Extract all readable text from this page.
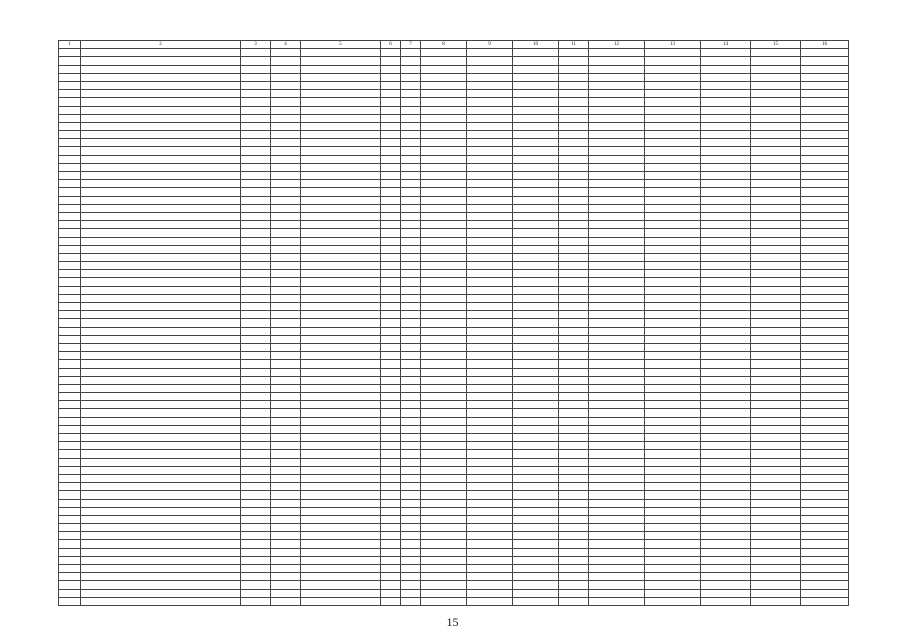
1	2	3	4	5	6	7	8	9	10	11	12	13	14	15	16

15
